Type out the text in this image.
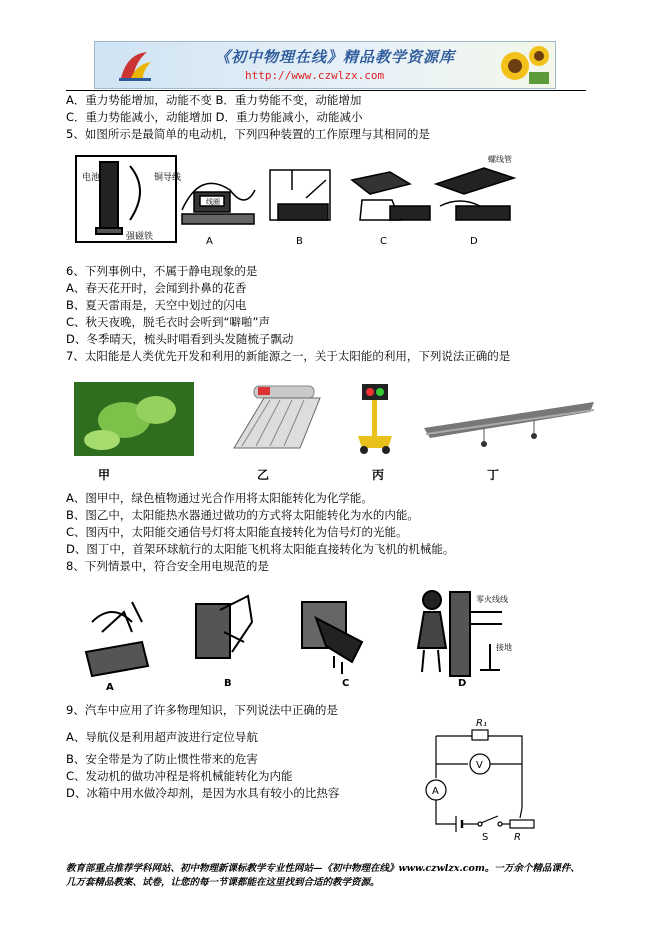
《初中物理在线》精品教学资源库
http://www.czwlzx.com
A．重力势能增加，动能不变 B．重力势能不变，动能增加
C．重力势能减小，动能增加 D．重力势能减小，动能减小
5、如图所示是最简单的电动机，下列四种装置的工作原理与其相同的是
电池	铜导线
强磁铁
线圈
螺线管
A	B	C	D
6、下列事例中，不属于静电现象的是
A、春天花开时，会闻到扑鼻的花香
B、夏天雷雨是，天空中划过的闪电
C、秋天夜晚，脱毛衣时会听到“噼啪”声
D、冬季晴天，梳头时唱看到头发随梳子飘动
7、太阳能是人类优先开发和利用的新能源之一，关于太阳能的利用，下列说法正确的是
甲	乙	丙	丁
A、图甲中，绿色植物通过光合作用将太阳能转化为化学能。
B、图乙中，太阳能热水器通过做功的方式将太阳能转化为水的内能。
C、图丙中，太阳能交通信号灯将太阳能直接转化为信号灯的光能。
D、图丁中，首架环球航行的太阳能飞机将太阳能直接转化为飞机的机械能。
8、下列情景中，符合安全用电规范的是
零火线线
接地
A	B	C	D
9、汽车中应用了许多物理知识，下列说法中正确的是
A、导航仪是利用超声波进行定位导航
B、安全带是为了防止惯性带来的危害
C、发动机的做功冲程是将机械能转化为内能
D、冰箱中用水做冷却剂，是因为水具有较小的比热容
R₁
V
A
S	R
教育部重点推荐学科网站、初中物理新课标教学专业性网站—《初中物理在线》www.czwlzx.com。一万余个精品课件、
几万套精品教案、试卷，让您的每一节课都能在这里找到合适的教学资源。
